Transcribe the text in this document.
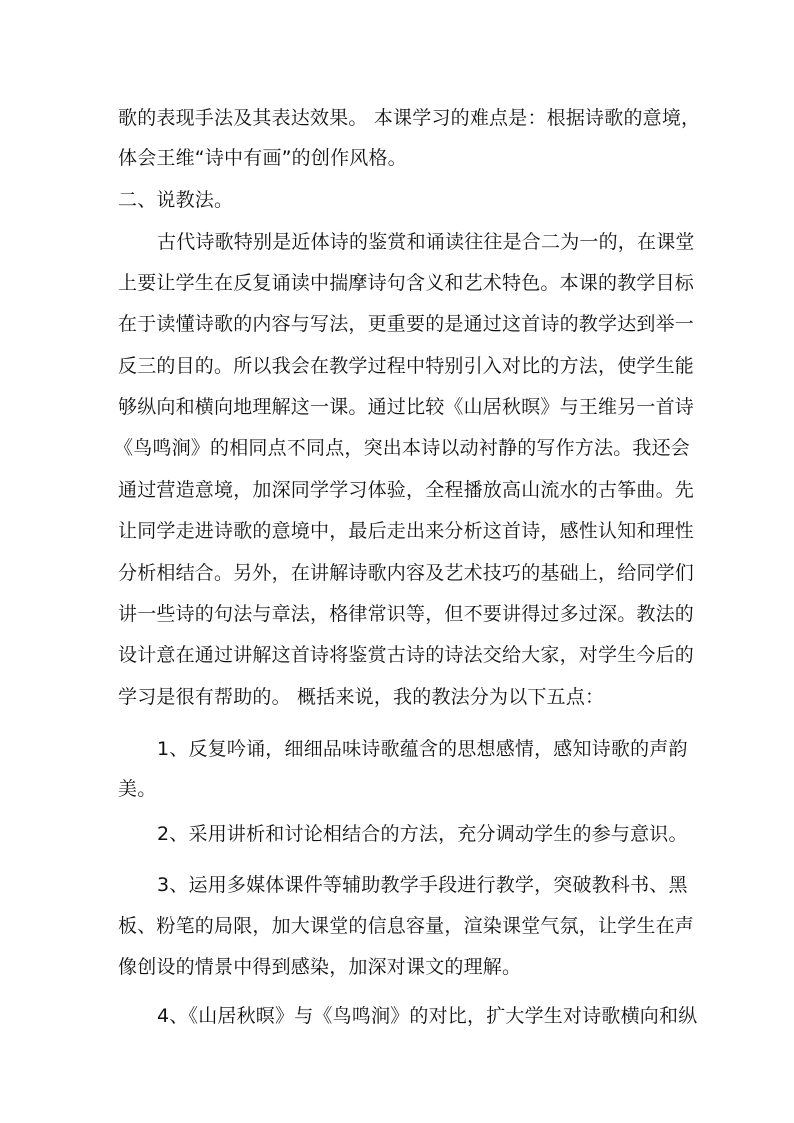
歌的表现手法及其表达效果。 本课学习的难点是：根据诗歌的意境，
体会王维“诗中有画”的创作风格。
二、说教法。
古代诗歌特别是近体诗的鉴赏和诵读往往是合二为一的，在课堂
上要让学生在反复诵读中揣摩诗句含义和艺术特色。本课的教学目标
在于读懂诗歌的内容与写法，更重要的是通过这首诗的教学达到举一
反三的目的。所以我会在教学过程中特别引入对比的方法，使学生能
够纵向和横向地理解这一课。通过比较《山居秋暝》与王维另一首诗
《鸟鸣涧》的相同点不同点，突出本诗以动衬静的写作方法。我还会
通过营造意境，加深同学学习体验，全程播放高山流水的古筝曲。先
让同学走进诗歌的意境中，最后走出来分析这首诗，感性认知和理性
分析相结合。另外，在讲解诗歌内容及艺术技巧的基础上，给同学们
讲一些诗的句法与章法，格律常识等，但不要讲得过多过深。教法的
设计意在通过讲解这首诗将鉴赏古诗的诗法交给大家，对学生今后的
学习是很有帮助的。 概括来说，我的教法分为以下五点：
1、反复吟诵，细细品味诗歌蕴含的思想感情，感知诗歌的声韵
美。
2、采用讲析和讨论相结合的方法，充分调动学生的参与意识。
3、运用多媒体课件等辅助教学手段进行教学，突破教科书、黑
板、粉笔的局限，加大课堂的信息容量，渲染课堂气氛，让学生在声
像创设的情景中得到感染，加深对课文的理解。
4、《山居秋暝》与《鸟鸣涧》的对比，扩大学生对诗歌横向和纵
